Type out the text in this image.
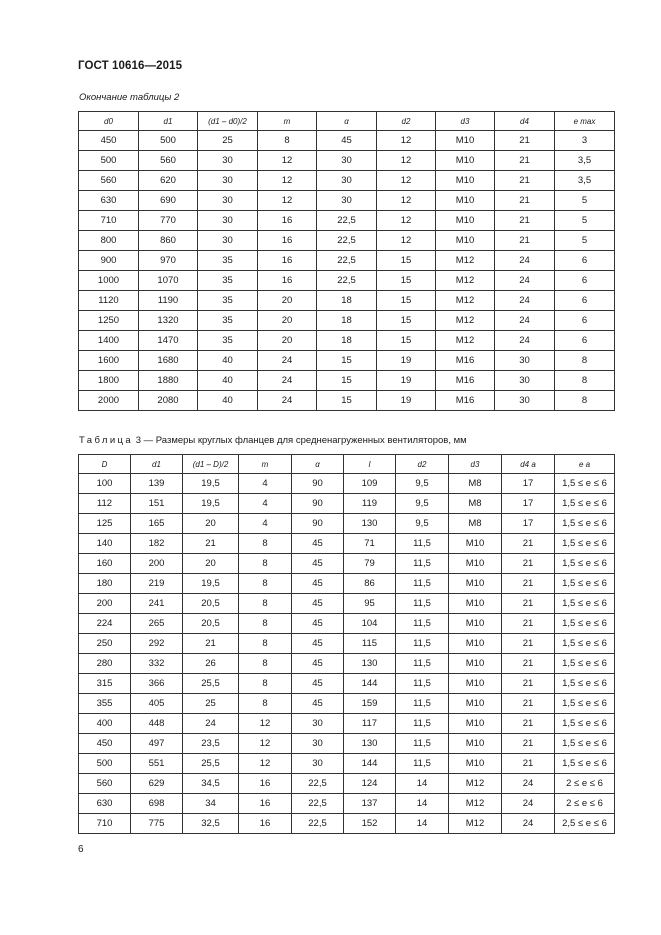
ГОСТ 10616—2015
Окончание таблицы 2
d0	d1	(d1 – d0)/2	m	α	d2	d3	d4	e max
450	500	25	8	45	12	M10	21	3
500	560	30	12	30	12	M10	21	3,5
560	620	30	12	30	12	M10	21	3,5
630	690	30	12	30	12	M10	21	5
710	770	30	16	22,5	12	M10	21	5
800	860	30	16	22,5	12	M10	21	5
900	970	35	16	22,5	15	M12	24	6
1000	1070	35	16	22,5	15	M12	24	6
1120	1190	35	20	18	15	M12	24	6
1250	1320	35	20	18	15	M12	24	6
1400	1470	35	20	18	15	M12	24	6
1600	1680	40	24	15	19	M16	30	8
1800	1880	40	24	15	19	M16	30	8
2000	2080	40	24	15	19	M16	30	8
Таблица 3 — Размеры круглых фланцев для средненагруженных вентиляторов, мм
D	d1	(d1 – D)/2	m	α	l	d2	d3	d4 a	e a
100	139	19,5	4	90	109	9,5	M8	17	1,5 ≤ e ≤ 6
112	151	19,5	4	90	119	9,5	M8	17	1,5 ≤ e ≤ 6
125	165	20	4	90	130	9,5	M8	17	1,5 ≤ e ≤ 6
140	182	21	8	45	71	11,5	M10	21	1,5 ≤ e ≤ 6
160	200	20	8	45	79	11,5	M10	21	1,5 ≤ e ≤ 6
180	219	19,5	8	45	86	11,5	M10	21	1,5 ≤ e ≤ 6
200	241	20,5	8	45	95	11,5	M10	21	1,5 ≤ e ≤ 6
224	265	20,5	8	45	104	11,5	M10	21	1,5 ≤ e ≤ 6
250	292	21	8	45	115	11,5	M10	21	1,5 ≤ e ≤ 6
280	332	26	8	45	130	11,5	M10	21	1,5 ≤ e ≤ 6
315	366	25,5	8	45	144	11,5	M10	21	1,5 ≤ e ≤ 6
355	405	25	8	45	159	11,5	M10	21	1,5 ≤ e ≤ 6
400	448	24	12	30	117	11,5	M10	21	1,5 ≤ e ≤ 6
450	497	23,5	12	30	130	11,5	M10	21	1,5 ≤ e ≤ 6
500	551	25,5	12	30	144	11,5	M10	21	1,5 ≤ e ≤ 6
560	629	34,5	16	22,5	124	14	M12	24	2 ≤ e ≤ 6
630	698	34	16	22,5	137	14	M12	24	2 ≤ e ≤ 6
710	775	32,5	16	22,5	152	14	M12	24	2,5 ≤ e ≤ 6
6
